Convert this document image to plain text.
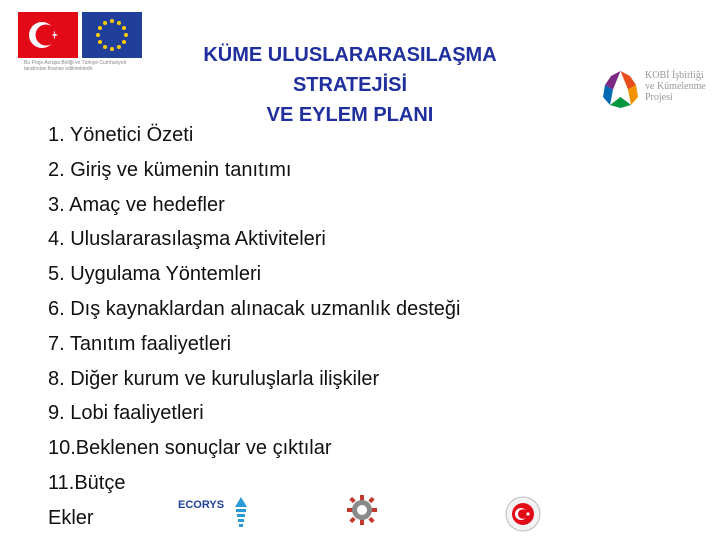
Bu Proje Avrupa Birliği ve Türkiye Cumhuriyeti tarafından finanse edilmektedir
KÜME ULUSLARARASILAŞMA STRATEJİSİ
VE EYLEM PLANI
KOBİ İşbirliği
ve Kümelenme
Projesi
1. Yönetici Özeti
2. Giriş ve kümenin tanıtımı
3. Amaç ve hedefler
4. Uluslararasılaşma Aktiviteleri
5. Uygulama Yöntemleri
6. Dış kaynaklardan alınacak uzmanlık desteği
7. Tanıtım faaliyetleri
8. Diğer kurum ve kuruluşlarla ilişkiler
9. Lobi faaliyetleri
10.Beklenen sonuçlar ve çıktılar
11.Bütçe
Ekler
ECORYS
